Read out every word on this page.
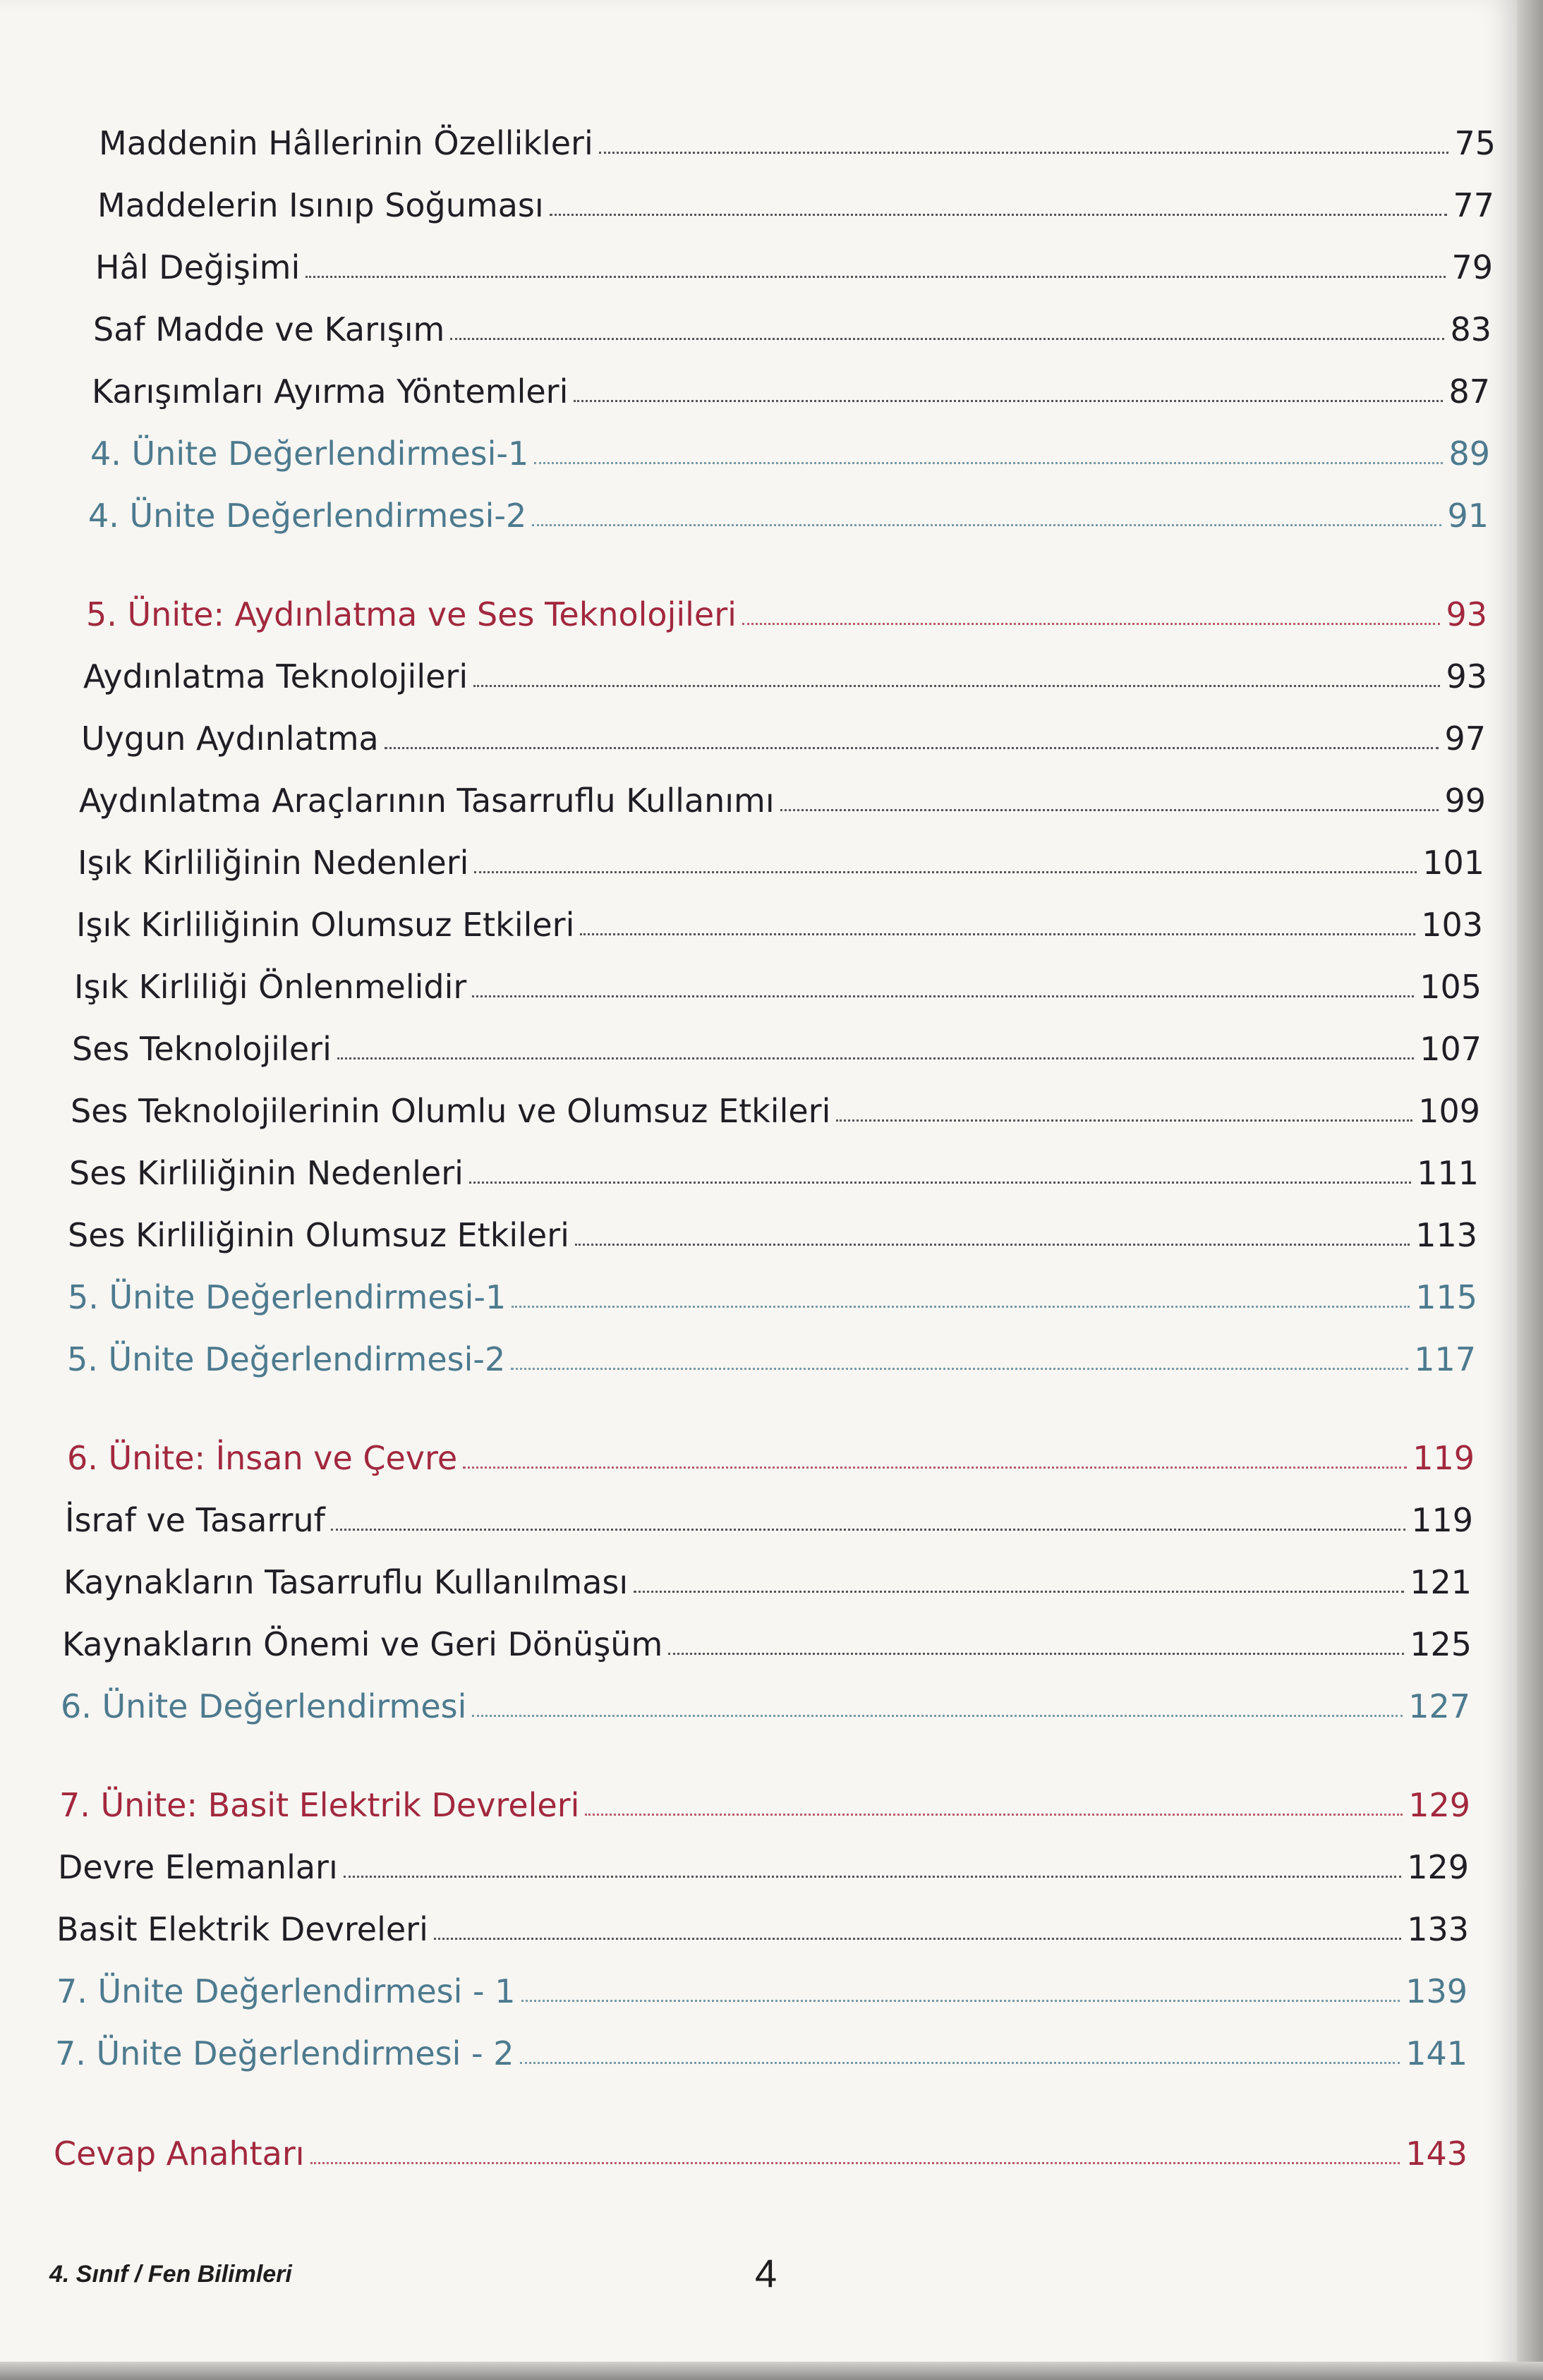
Maddenin Hâllerinin Özellikleri	75
Maddelerin Isınıp Soğuması	77
Hâl Değişimi	79
Saf Madde ve Karışım	83
Karışımları Ayırma Yöntemleri	87
4. Ünite Değerlendirmesi-1	89
4. Ünite Değerlendirmesi-2	91
5. Ünite: Aydınlatma ve Ses Teknolojileri	93
Aydınlatma Teknolojileri	93
Uygun Aydınlatma	97
Aydınlatma Araçlarının Tasarruflu Kullanımı	99
Işık Kirliliğinin Nedenleri	101
Işık Kirliliğinin Olumsuz Etkileri	103
Işık Kirliliği Önlenmelidir	105
Ses Teknolojileri	107
Ses Teknolojilerinin Olumlu ve Olumsuz Etkileri	109
Ses Kirliliğinin Nedenleri	111
Ses Kirliliğinin Olumsuz Etkileri	113
5. Ünite Değerlendirmesi-1	115
5. Ünite Değerlendirmesi-2	117
6. Ünite: İnsan ve Çevre	119
İsraf ve Tasarruf	119
Kaynakların Tasarruflu Kullanılması	121
Kaynakların Önemi ve Geri Dönüşüm	125
6. Ünite Değerlendirmesi	127
7. Ünite: Basit Elektrik Devreleri	129
Devre Elemanları	129
Basit Elektrik Devreleri	133
7. Ünite Değerlendirmesi - 1	139
7. Ünite Değerlendirmesi - 2	141
Cevap Anahtarı	143
4. Sınıf / Fen Bilimleri	4
